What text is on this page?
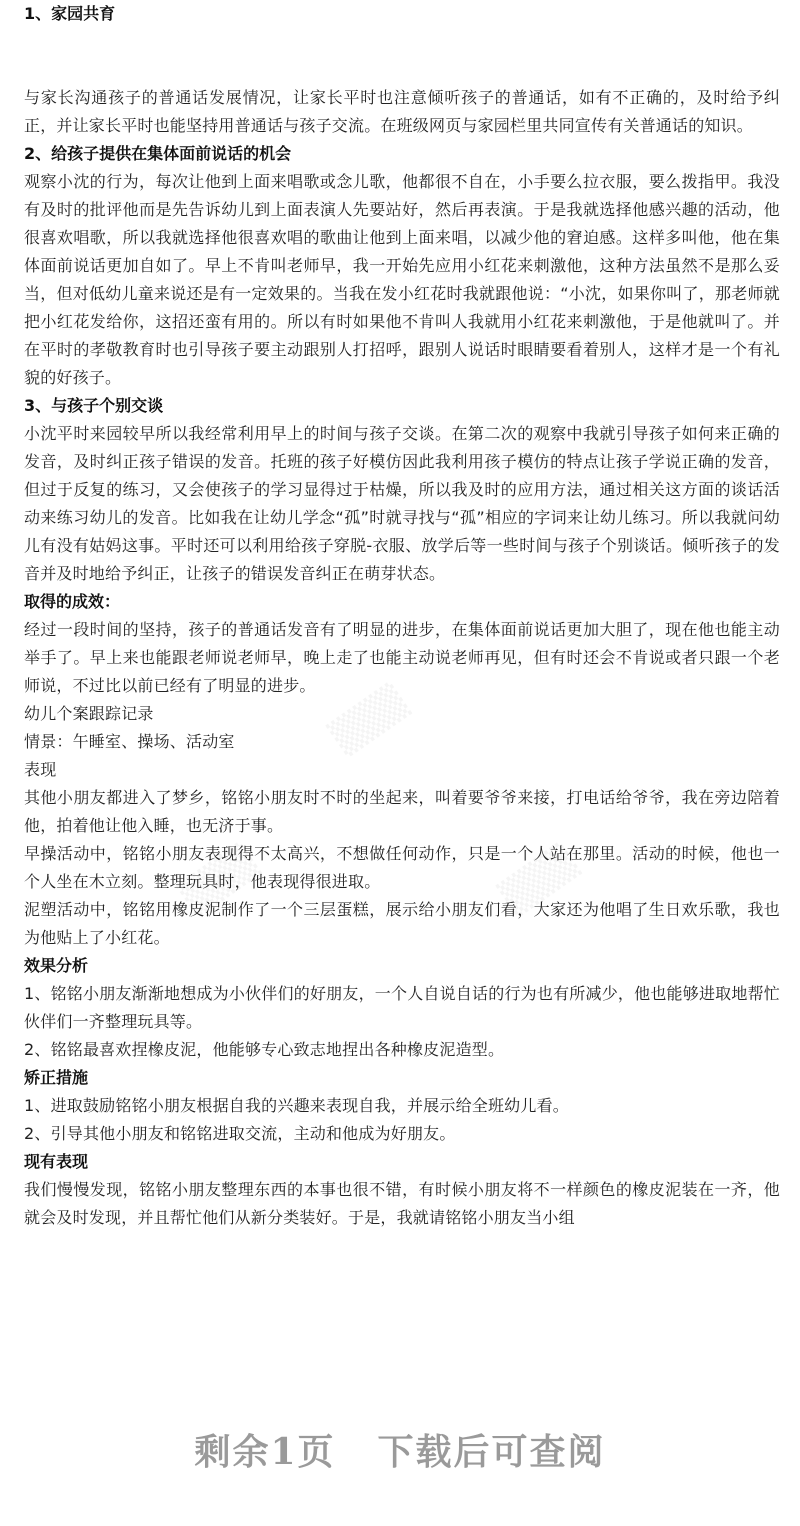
▒▒▒
▒▒▒	▒▒▒
1、家园共育
与家长沟通孩子的普通话发展情况，让家长平时也注意倾听孩子的普通话，如有不正确的，及时给予纠正，并让家长平时也能坚持用普通话与孩子交流。在班级网页与家园栏里共同宣传有关普通话的知识。
2、给孩子提供在集体面前说话的机会
观察小沈的行为，每次让他到上面来唱歌或念儿歌，他都很不自在，小手要么拉衣服，要么拨指甲。我没有及时的批评他而是先告诉幼儿到上面表演人先要站好，然后再表演。于是我就选择他感兴趣的活动，他很喜欢唱歌，所以我就选择他很喜欢唱的歌曲让他到上面来唱，以减少他的窘迫感。这样多叫他，他在集体面前说话更加自如了。早上不肯叫老师早，我一开始先应用小红花来刺激他，这种方法虽然不是那么妥当，但对低幼儿童来说还是有一定效果的。当我在发小红花时我就跟他说：“小沈，如果你叫了，那老师就把小红花发给你，这招还蛮有用的。所以有时如果他不肯叫人我就用小红花来刺激他，于是他就叫了。并在平时的孝敬教育时也引导孩子要主动跟别人打招呼，跟别人说话时眼睛要看着别人，这样才是一个有礼貌的好孩子。
3、与孩子个别交谈
小沈平时来园较早所以我经常利用早上的时间与孩子交谈。在第二次的观察中我就引导孩子如何来正确的发音，及时纠正孩子错误的发音。托班的孩子好模仿因此我利用孩子模仿的特点让孩子学说正确的发音，但过于反复的练习，又会使孩子的学习显得过于枯燥，所以我及时的应用方法，通过相关这方面的谈话活动来练习幼儿的发音。比如我在让幼儿学念“孤”时就寻找与“孤”相应的字词来让幼儿练习。所以我就问幼儿有没有姑妈这事。平时还可以利用给孩子穿脱-衣服、放学后等一些时间与孩子个别谈话。倾听孩子的发音并及时地给予纠正，让孩子的错误发音纠正在萌芽状态。
取得的成效：
经过一段时间的坚持，孩子的普通话发音有了明显的进步，在集体面前说话更加大胆了，现在他也能主动举手了。早上来也能跟老师说老师早，晚上走了也能主动说老师再见，但有时还会不肯说或者只跟一个老师说，不过比以前已经有了明显的进步。
幼儿个案跟踪记录
情景：午睡室、操场、活动室
表现
其他小朋友都进入了梦乡，铭铭小朋友时不时的坐起来，叫着要爷爷来接，打电话给爷爷，我在旁边陪着他，拍着他让他入睡，也无济于事。
早操活动中，铭铭小朋友表现得不太高兴，不想做任何动作，只是一个人站在那里。活动的时候，他也一个人坐在木立刻。整理玩具时，他表现得很进取。
泥塑活动中，铭铭用橡皮泥制作了一个三层蛋糕，展示给小朋友们看，大家还为他唱了生日欢乐歌，我也为他贴上了小红花。
效果分析
1、铭铭小朋友渐渐地想成为小伙伴们的好朋友，一个人自说自话的行为也有所减少，他也能够进取地帮忙伙伴们一齐整理玩具等。
2、铭铭最喜欢捏橡皮泥，他能够专心致志地捏出各种橡皮泥造型。
矫正措施
1、进取鼓励铭铭小朋友根据自我的兴趣来表现自我，并展示给全班幼儿看。
2、引导其他小朋友和铭铭进取交流，主动和他成为好朋友。
现有表现
我们慢慢发现，铭铭小朋友整理东西的本事也很不错，有时候小朋友将不一样颜色的橡皮泥装在一齐，他就会及时发现，并且帮忙他们从新分类装好。于是，我就请铭铭小朋友当小组
剩余1页 下载后可查阅
